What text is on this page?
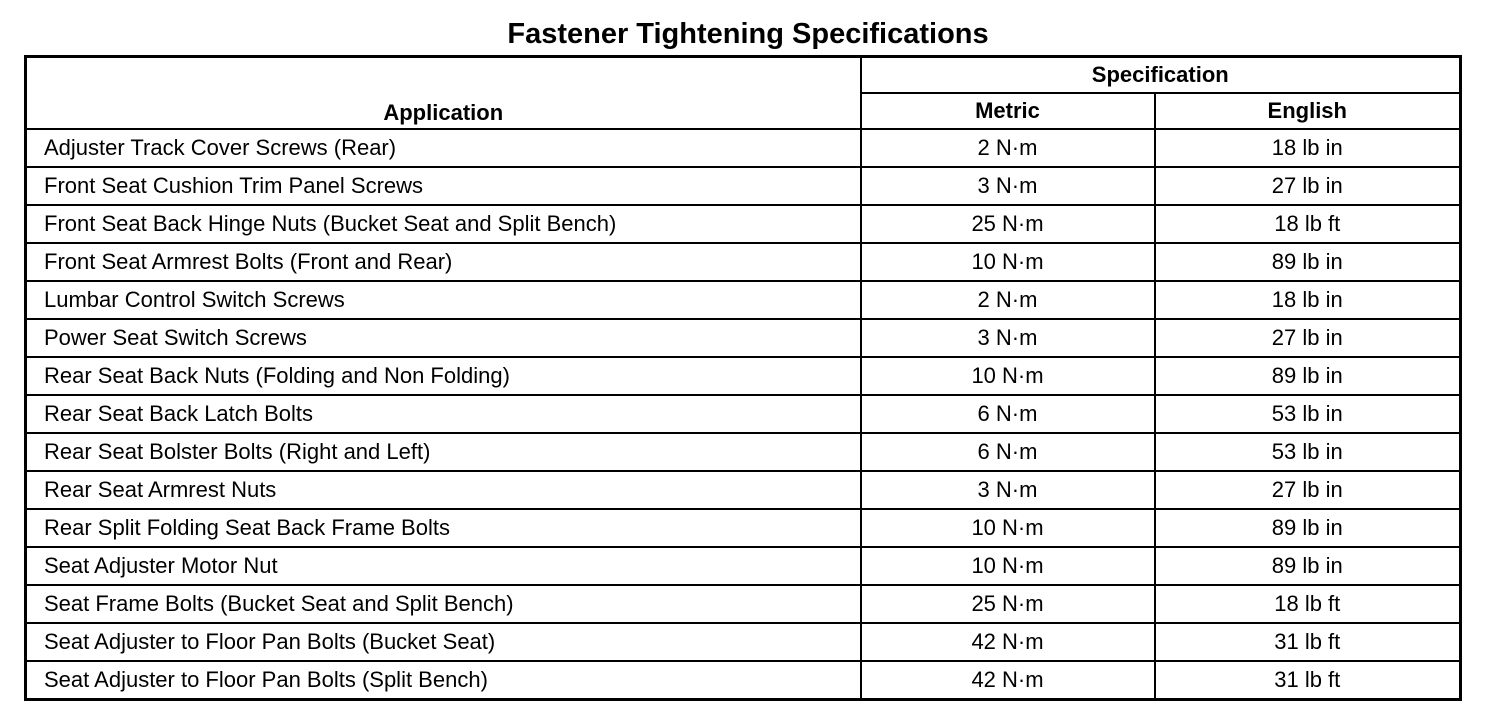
Fastener Tightening Specifications
Application	Specification	
	Metric	English
Adjuster Track Cover Screws (Rear)	2 N·m	18 lb in
Front Seat Cushion Trim Panel Screws	3 N·m	27 lb in
Front Seat Back Hinge Nuts (Bucket Seat and Split Bench)	25 N·m	18 lb ft
Front Seat Armrest Bolts (Front and Rear)	10 N·m	89 lb in
Lumbar Control Switch Screws	2 N·m	18 lb in
Power Seat Switch Screws	3 N·m	27 lb in
Rear Seat Back Nuts (Folding and Non Folding)	10 N·m	89 lb in
Rear Seat Back Latch Bolts	6 N·m	53 lb in
Rear Seat Bolster Bolts (Right and Left)	6 N·m	53 lb in
Rear Seat Armrest Nuts	3 N·m	27 lb in
Rear Split Folding Seat Back Frame Bolts	10 N·m	89 lb in
Seat Adjuster Motor Nut	10 N·m	89 lb in
Seat Frame Bolts (Bucket Seat and Split Bench)	25 N·m	18 lb ft
Seat Adjuster to Floor Pan Bolts (Bucket Seat)	42 N·m	31 lb ft
Seat Adjuster to Floor Pan Bolts (Split Bench)	42 N·m	31 lb ft
